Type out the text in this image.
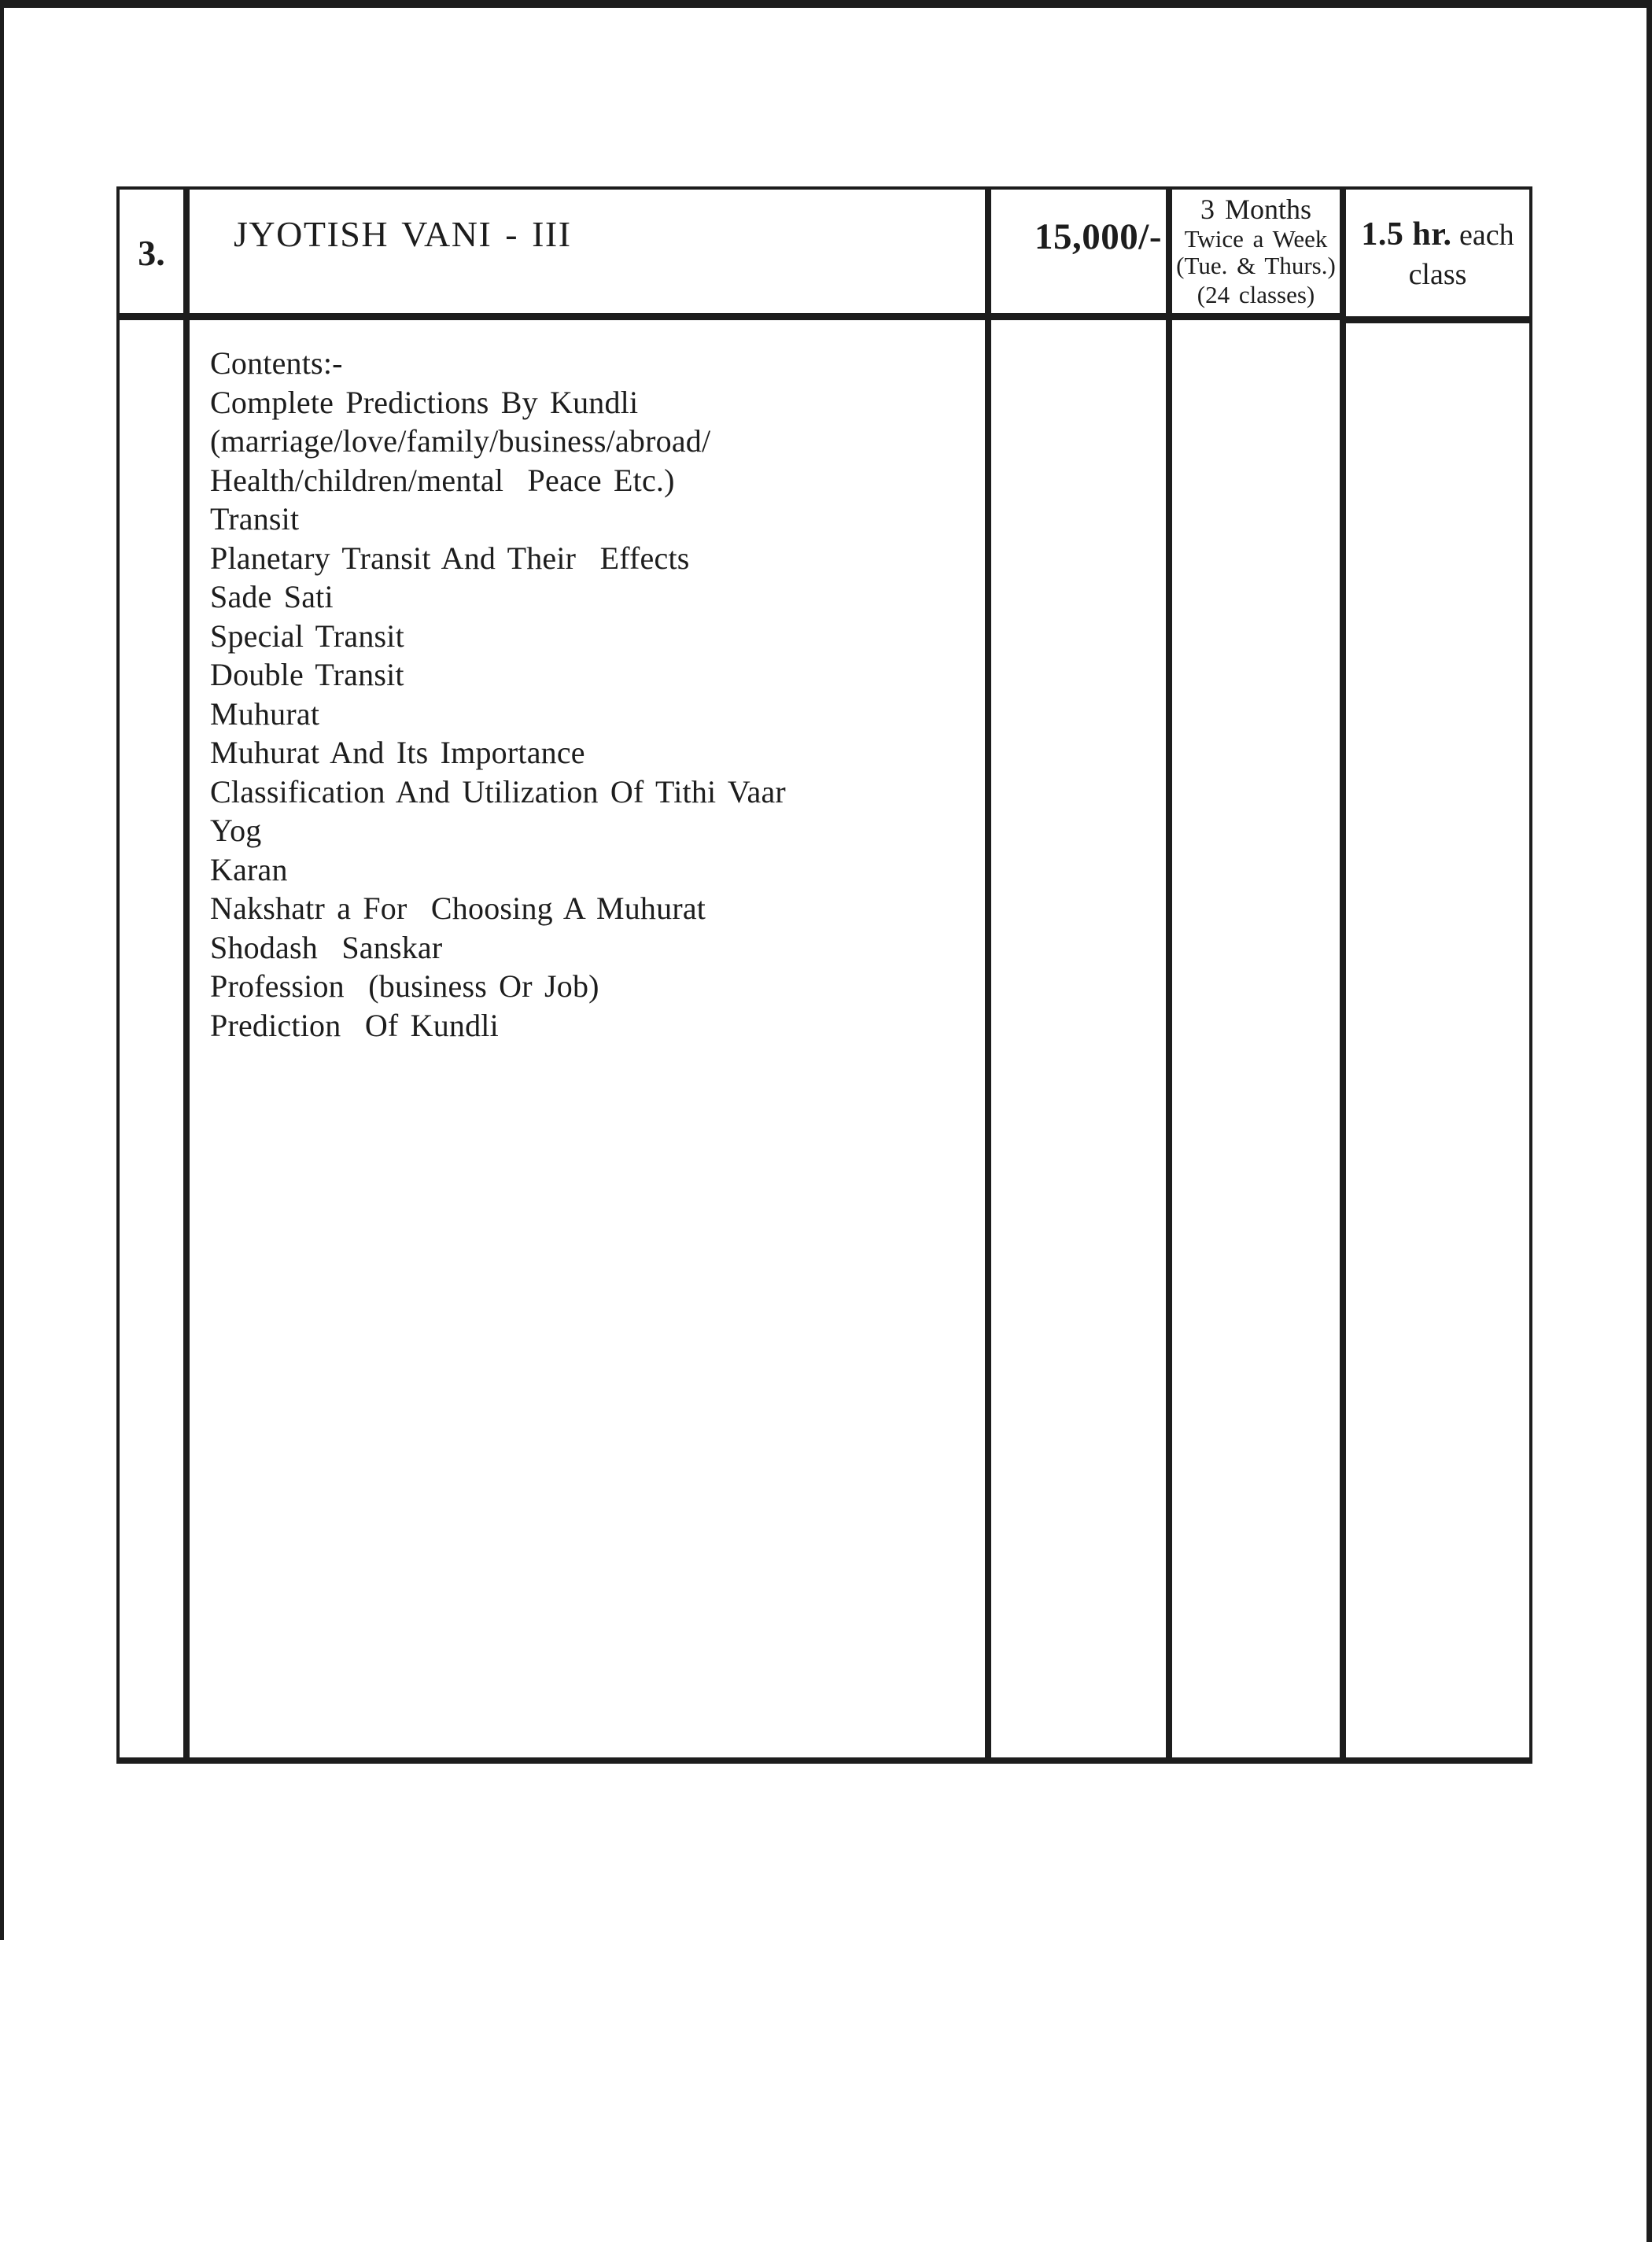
3.	JYOTISH VANI - III	15,000/-
3 Months
Twice a Week
(Tue. & Thurs.)
(24 classes)
1.5 hr. each
class
Contents:-
Complete Predictions By Kundli
(marriage/love/family/business/abroad/
Health/children/mental  Peace Etc.)
Transit
Planetary Transit And Their  Effects
Sade Sati
Special Transit
Double Transit
Muhurat
Muhurat And Its Importance
Classification And Utilization Of Tithi Vaar
Yog
Karan
Nakshatr a For  Choosing A Muhurat
Shodash  Sanskar
Profession  (business Or Job)
Prediction  Of Kundli
